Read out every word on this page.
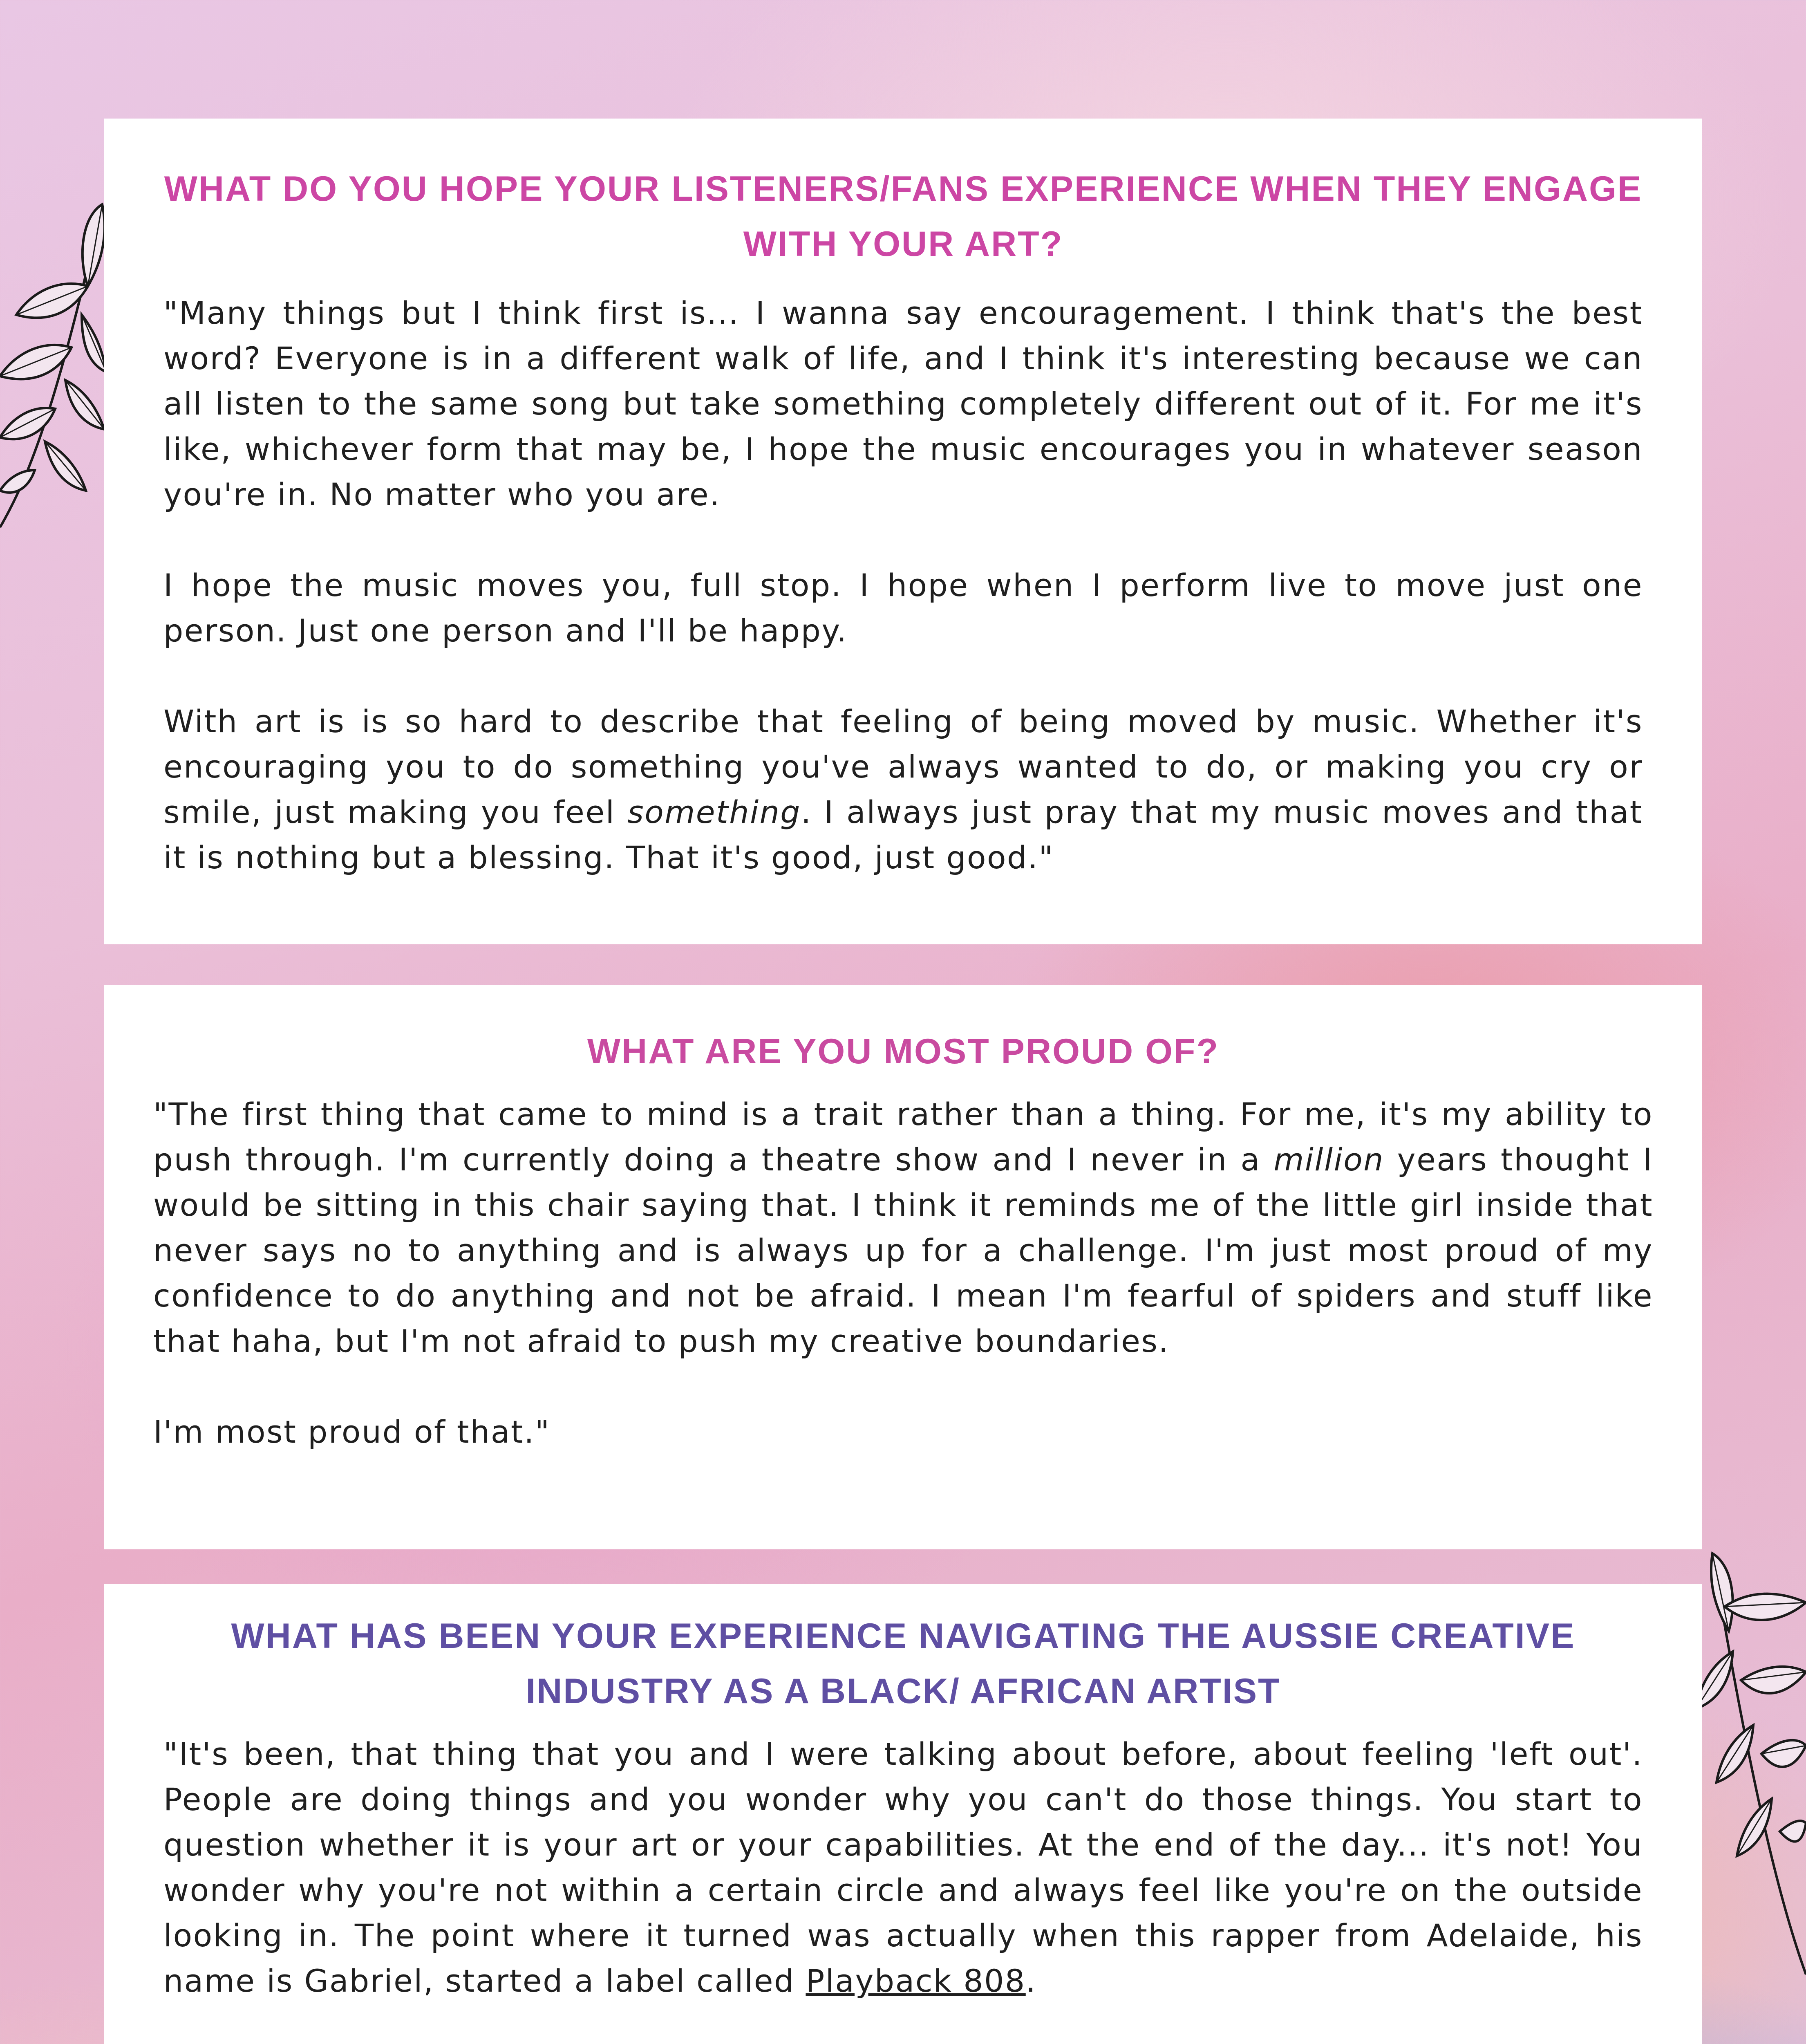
WHAT DO YOU HOPE YOUR LISTENERS/FANS EXPERIENCE WHEN THEY ENGAGE
WITH YOUR ART?

"Many things but I think first is... I wanna say encouragement. I think that's the best word? Everyone is in a different walk of life, and I think it's interesting because we can all listen to the same song but take something completely different out of it. For me it's like, whichever form that may be, I hope the music encourages you in whatever season you're in. No matter who you are.

I hope the music moves you, full stop. I hope when I perform live to move just one person. Just one person and I'll be happy.

With art is is so hard to describe that feeling of being moved by music. Whether it's encouraging you to do something you've always wanted to do, or making you cry or smile, just making you feel something. I always just pray that my music moves and that it is nothing but a blessing. That it's good, just good."

WHAT ARE YOU MOST PROUD OF?

"The first thing that came to mind is a trait rather than a thing. For me, it's my ability to push through. I'm currently doing a theatre show and I never in a million years thought I would be sitting in this chair saying that. I think it reminds me of the little girl inside that never says no to anything and is always up for a challenge. I'm just most proud of my confidence to do anything and not be afraid. I mean I'm fearful of spiders and stuff like that haha, but I'm not afraid to push my creative boundaries.

I'm most proud of that."

WHAT HAS BEEN YOUR EXPERIENCE NAVIGATING THE AUSSIE CREATIVE
INDUSTRY AS A BLACK/ AFRICAN ARTIST

"It's been, that thing that you and I were talking about before, about feeling 'left out'. People are doing things and you wonder why you can't do those things. You start to question whether it is your art or your capabilities. At the end of the day... it's not! You wonder why you're not within a certain circle and always feel like you're on the outside looking in. The point where it turned was actually when this rapper from Adelaide, his name is Gabriel, started a label called Playback 808.
